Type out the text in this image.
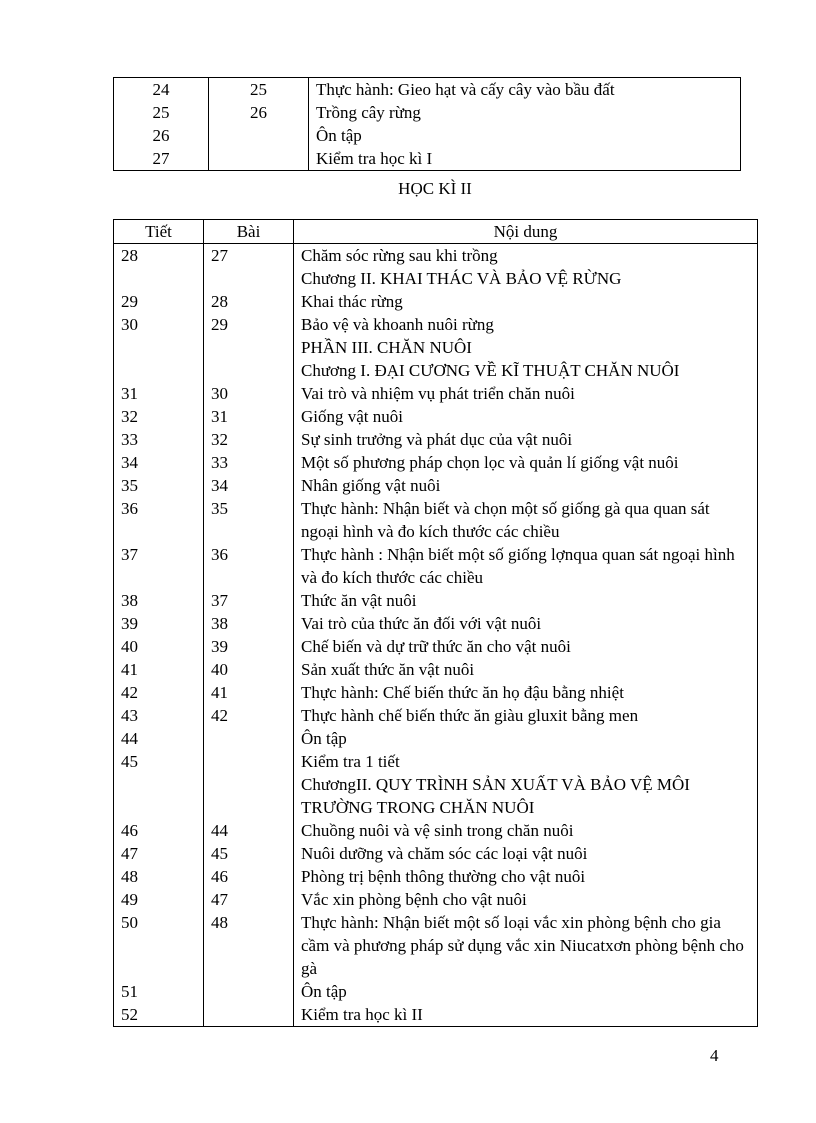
24	25	Thực hành: Gieo hạt và cấy cây vào bầu đất
25	26	Trồng cây rừng
26		Ôn tập
27		Kiểm tra học kì I
HỌC KÌ II
Tiết	Bài	Nội dung
28	27	Chăm sóc rừng sau khi trồng
		Chương II. KHAI THÁC VÀ BẢO VỆ RỪNG
29	28	Khai thác rừng
30	29	Bảo vệ và khoanh nuôi rừng
		PHẦN III. CHĂN NUÔI
		Chương I. ĐẠI CƯƠNG VỀ KĨ THUẬT CHĂN NUÔI
31	30	Vai trò và nhiệm vụ phát triển chăn nuôi
32	31	Giống vật nuôi
33	32	Sự sinh trưởng và phát dục của vật nuôi
34	33	Một số phương pháp chọn lọc và quản lí giống vật nuôi
35	34	Nhân giống vật nuôi
36	35	Thực hành: Nhận biết và chọn một số giống gà qua quan sát ngoại hình và đo kích thước các chiều
37	36	Thực hành : Nhận biết một số giống lợnqua quan sát ngoại hình và đo kích thước các chiều
38	37	Thức ăn vật nuôi
39	38	Vai trò của thức ăn đối với vật nuôi
40	39	Chế biến và dự trữ thức ăn cho vật nuôi
41	40	Sản xuất thức ăn vật nuôi
42	41	Thực hành: Chế biến thức ăn họ đậu bằng nhiệt
43	42	Thực hành chế biến thức ăn giàu gluxit bằng men
44		Ôn tập
45		Kiểm tra 1 tiết
		ChươngII. QUY TRÌNH SẢN XUẤT VÀ BẢO VỆ MÔI TRƯỜNG TRONG CHĂN NUÔI
46	44	Chuồng nuôi và vệ sinh trong chăn nuôi
47	45	Nuôi dưỡng và chăm sóc các loại vật nuôi
48	46	Phòng trị bệnh thông thường cho vật nuôi
49	47	Vắc xin phòng bệnh cho vật nuôi
50	48	Thực hành: Nhận biết một số loại vắc xin phòng bệnh cho gia cầm và phương pháp sử dụng vắc xin Niucatxơn phòng bệnh cho gà
51		Ôn tập
52		Kiểm tra học kì II
4
